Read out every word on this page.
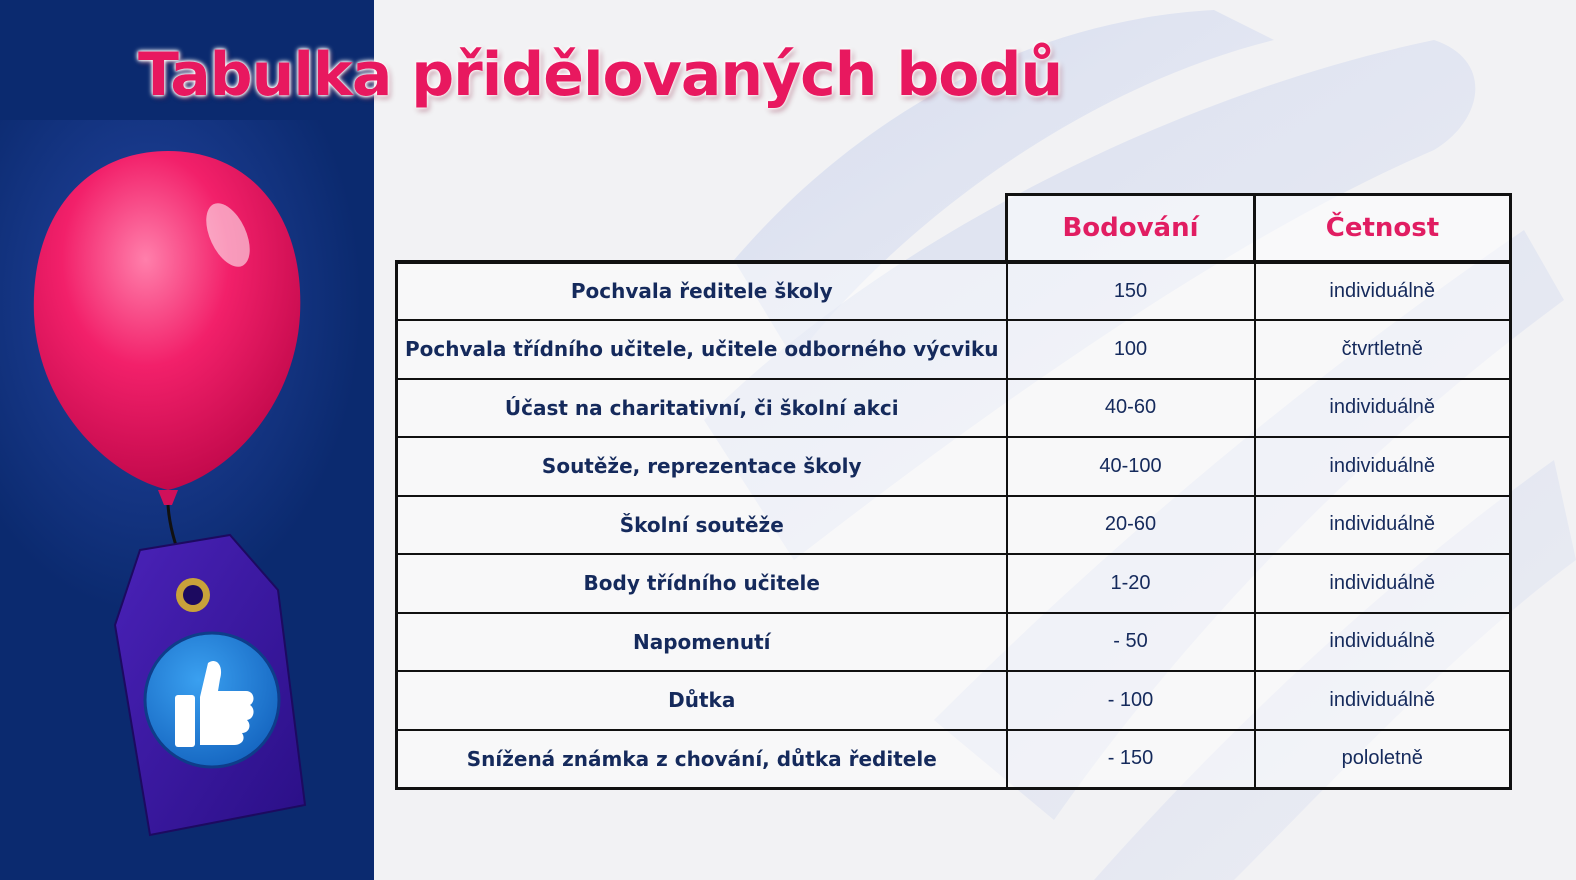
Tabulka přidělovaných bodů
	Bodování	Četnost
Pochvala ředitele školy	150	individuálně
Pochvala třídního učitele, učitele odborného výcviku	100	čtvrtletně
Účast na charitativní, či školní akci	40-60	individuálně
Soutěže, reprezentace školy	40-100	individuálně
Školní soutěže	20-60	individuálně
Body třídního učitele	1-20	individuálně
Napomenutí	- 50	individuálně
Důtka	- 100	individuálně
Snížená známka z chování, důtka ředitele	- 150	pololetně
